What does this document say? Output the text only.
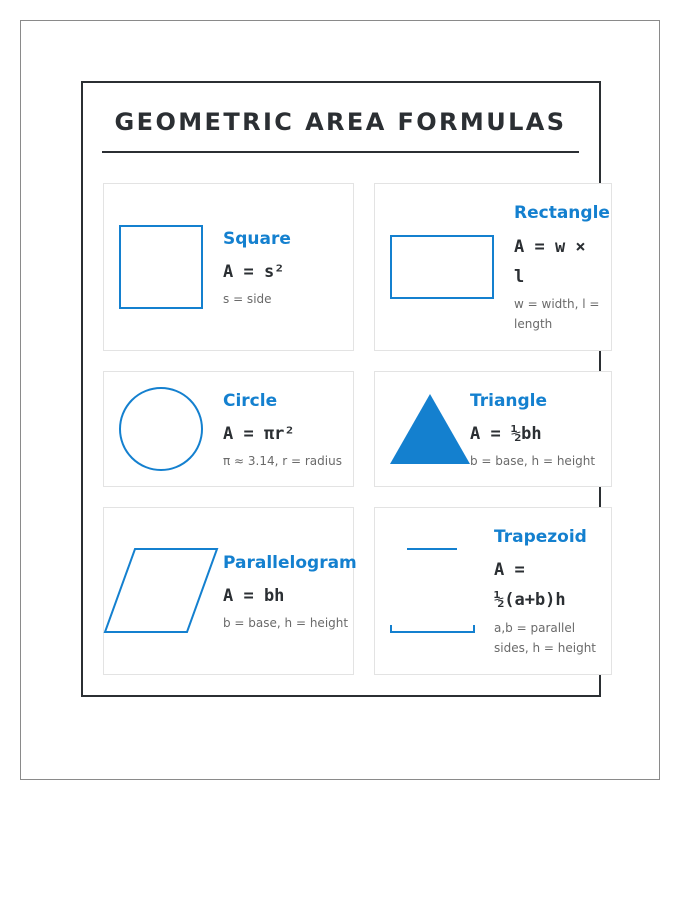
GEOMETRIC AREA FORMULAS
Square
A = s²
s = side
Rectangle
A = w × l
w = width, l = length
Circle
A = πr²
π ≈ 3.14, r = radius
Triangle
A = ½bh
b = base, h = height
Parallelogram
A = bh
b = base, h = height
Trapezoid
A = ½(a+b)h
a,b = parallel sides, h = height
